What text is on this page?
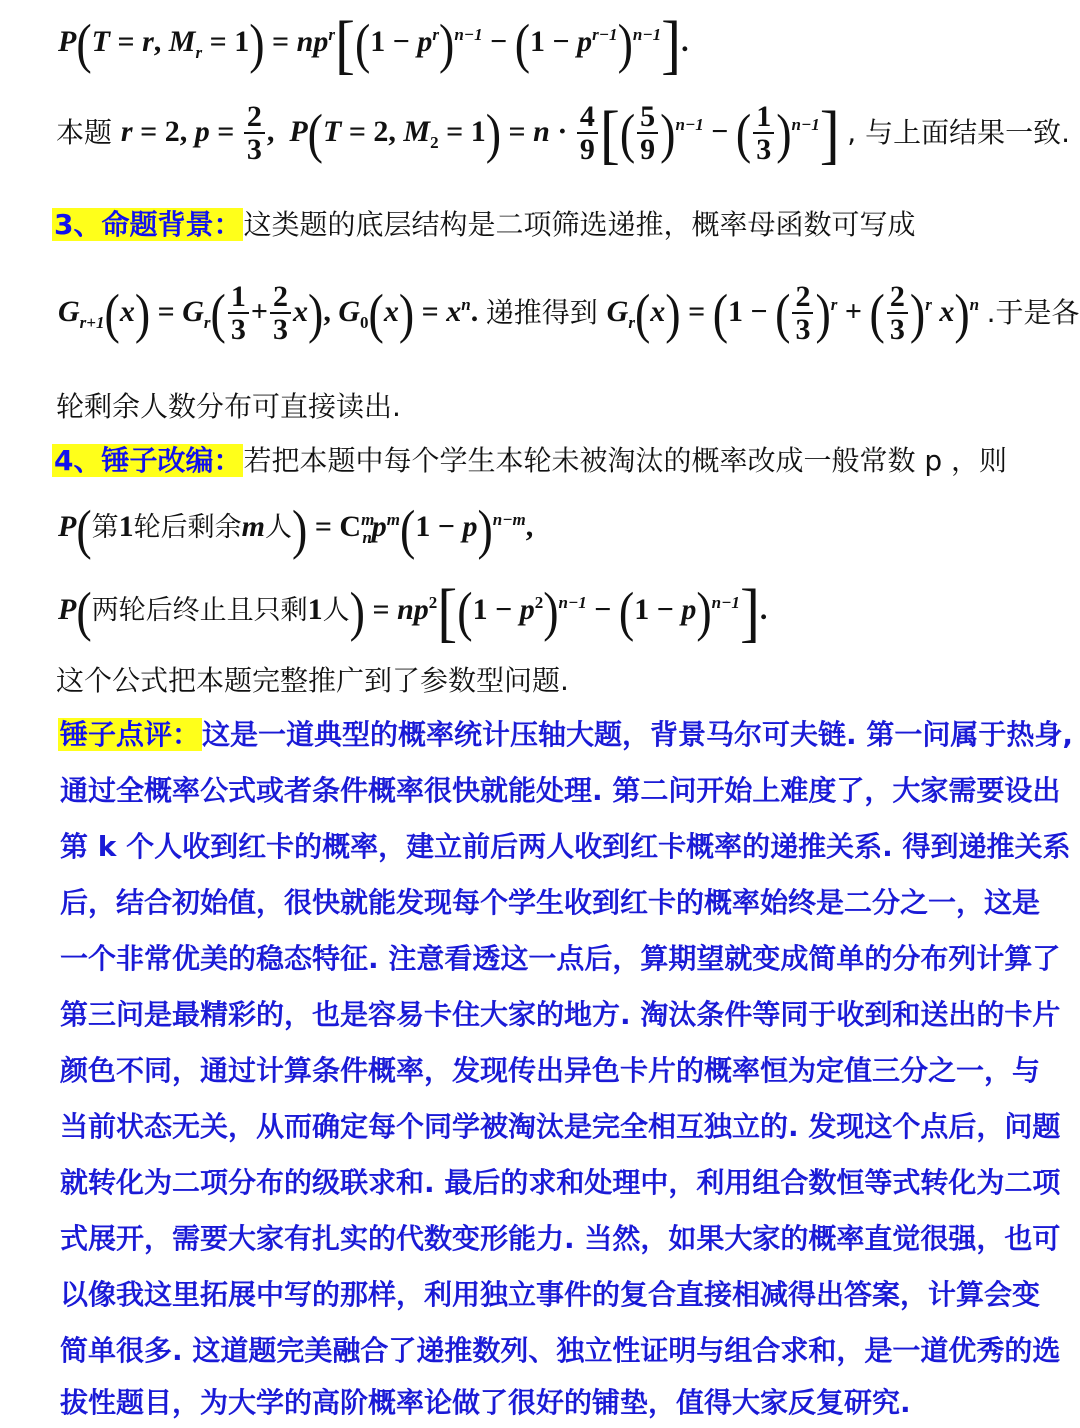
P(T = r, $M_r = 1) = np^r[(1 - p^r)^{n-1} - (1 - p^{r-1})^{n-1}]$.
本题 r = 2, $p = \frac{2}{3}$ ,  P(T = 2, $M_2 = 1) = n \cdot \frac{4}{9}$ [( $\frac{5}{9} )^{n-1}$ − ( $\frac{1}{3} )^{n-1}$] , 与上面结果一致.
3、命题背景：这类题的底层结构是二项筛选递推，概率母函数可写成
$G_{r+1}(x) = G_r( \frac{1}{3} + \frac{2}{3} x)$, $G_0(x) = x^n$. 递推得到 $G_r(x) = (1$ − ( $\frac{2}{3} )^r$ + ( $\frac{2}{3} )^r$ x)$^n$ .于是各
轮剩余人数分布可直接读出.
4、锤子改编：若把本题中每个学生本轮未被淘汰的概率改成一般常数 p ，则
P(第1轮后剩余m人) = $C^m_np^m(1 - p)^{n-m}$,
P(两轮后终止且只剩1人) = $np^2[(1 - p^2)^{n-1} - (1 - p)^{n-1}]$.
这个公式把本题完整推广到了参数型问题.
锤子点评：这是一道典型的概率统计压轴大题，背景马尔可夫链. 第一问属于热身,
通过全概率公式或者条件概率很快就能处理. 第二问开始上难度了，大家需要设出
第 k 个人收到红卡的概率，建立前后两人收到红卡概率的递推关系. 得到递推关系
后，结合初始值，很快就能发现每个学生收到红卡的概率始终是二分之一，这是
一个非常优美的稳态特征. 注意看透这一点后，算期望就变成简单的分布列计算了
第三问是最精彩的，也是容易卡住大家的地方. 淘汰条件等同于收到和送出的卡片
颜色不同，通过计算条件概率，发现传出异色卡片的概率恒为定值三分之一，与
当前状态无关，从而确定每个同学被淘汰是完全相互独立的. 发现这个点后，问题
就转化为二项分布的级联求和. 最后的求和处理中，利用组合数恒等式转化为二项
式展开，需要大家有扎实的代数变形能力. 当然，如果大家的概率直觉很强，也可
以像我这里拓展中写的那样，利用独立事件的复合直接相减得出答案，计算会变
简单很多. 这道题完美融合了递推数列、独立性证明与组合求和，是一道优秀的选
拔性题目，为大学的高阶概率论做了很好的铺垫，值得大家反复研究.
